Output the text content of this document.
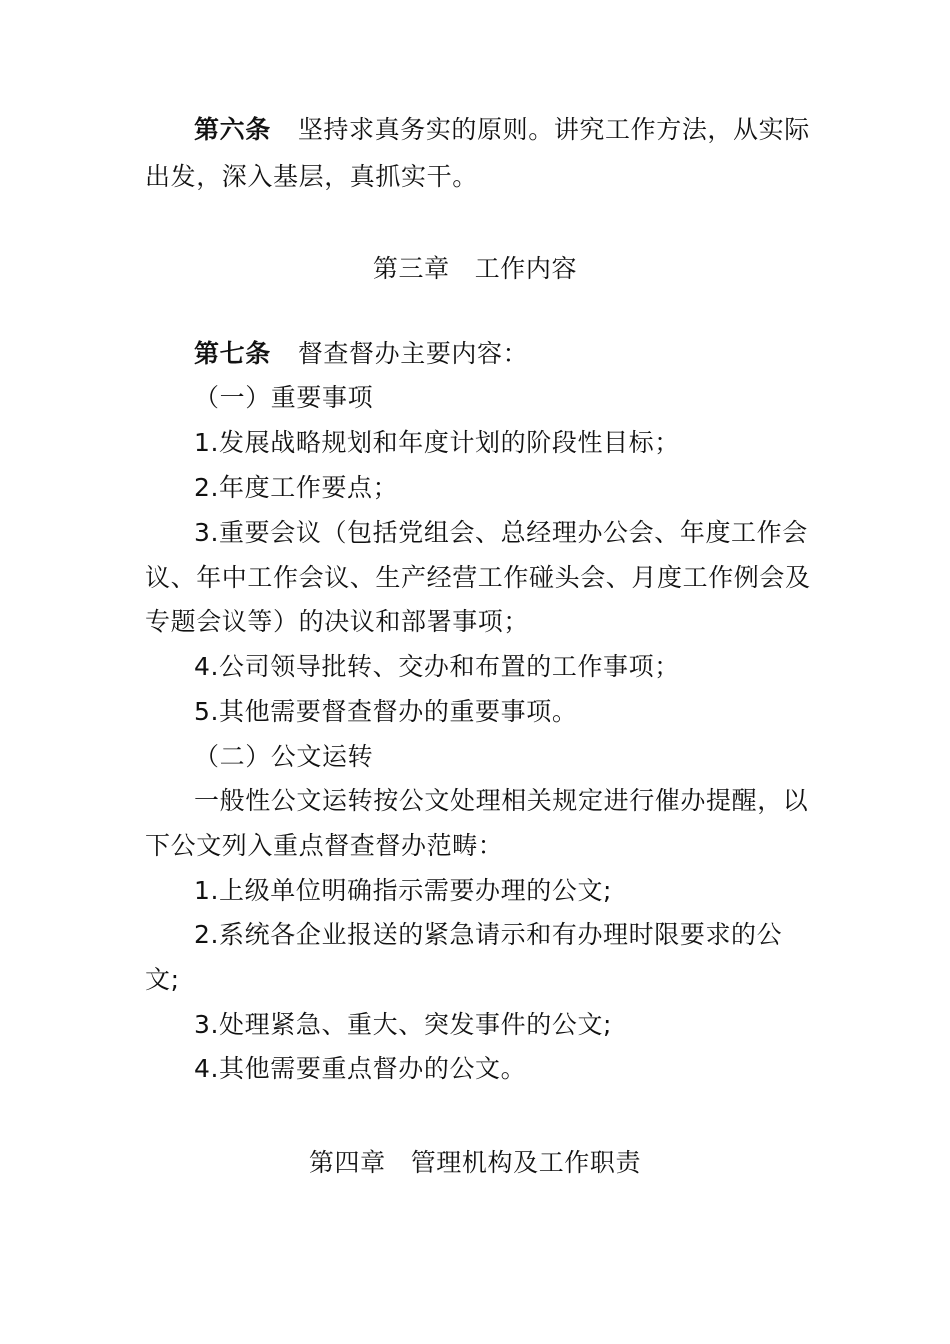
第六条 坚持求真务实的原则。讲究工作方法，从实际
出发，深入基层，真抓实干。
第三章 工作内容
第七条 督查督办主要内容：
（一）重要事项
1.发展战略规划和年度计划的阶段性目标；
2.年度工作要点；
3.重要会议（包括党组会、总经理办公会、年度工作会
议、年中工作会议、生产经营工作碰头会、月度工作例会及
专题会议等）的决议和部署事项；
4.公司领导批转、交办和布置的工作事项；
5.其他需要督查督办的重要事项。
（二）公文运转
一般性公文运转按公文处理相关规定进行催办提醒，以
下公文列入重点督查督办范畴：
1.上级单位明确指示需要办理的公文;
2.系统各企业报送的紧急请示和有办理时限要求的公
文;
3.处理紧急、重大、突发事件的公文;
4.其他需要重点督办的公文。
第四章 管理机构及工作职责
